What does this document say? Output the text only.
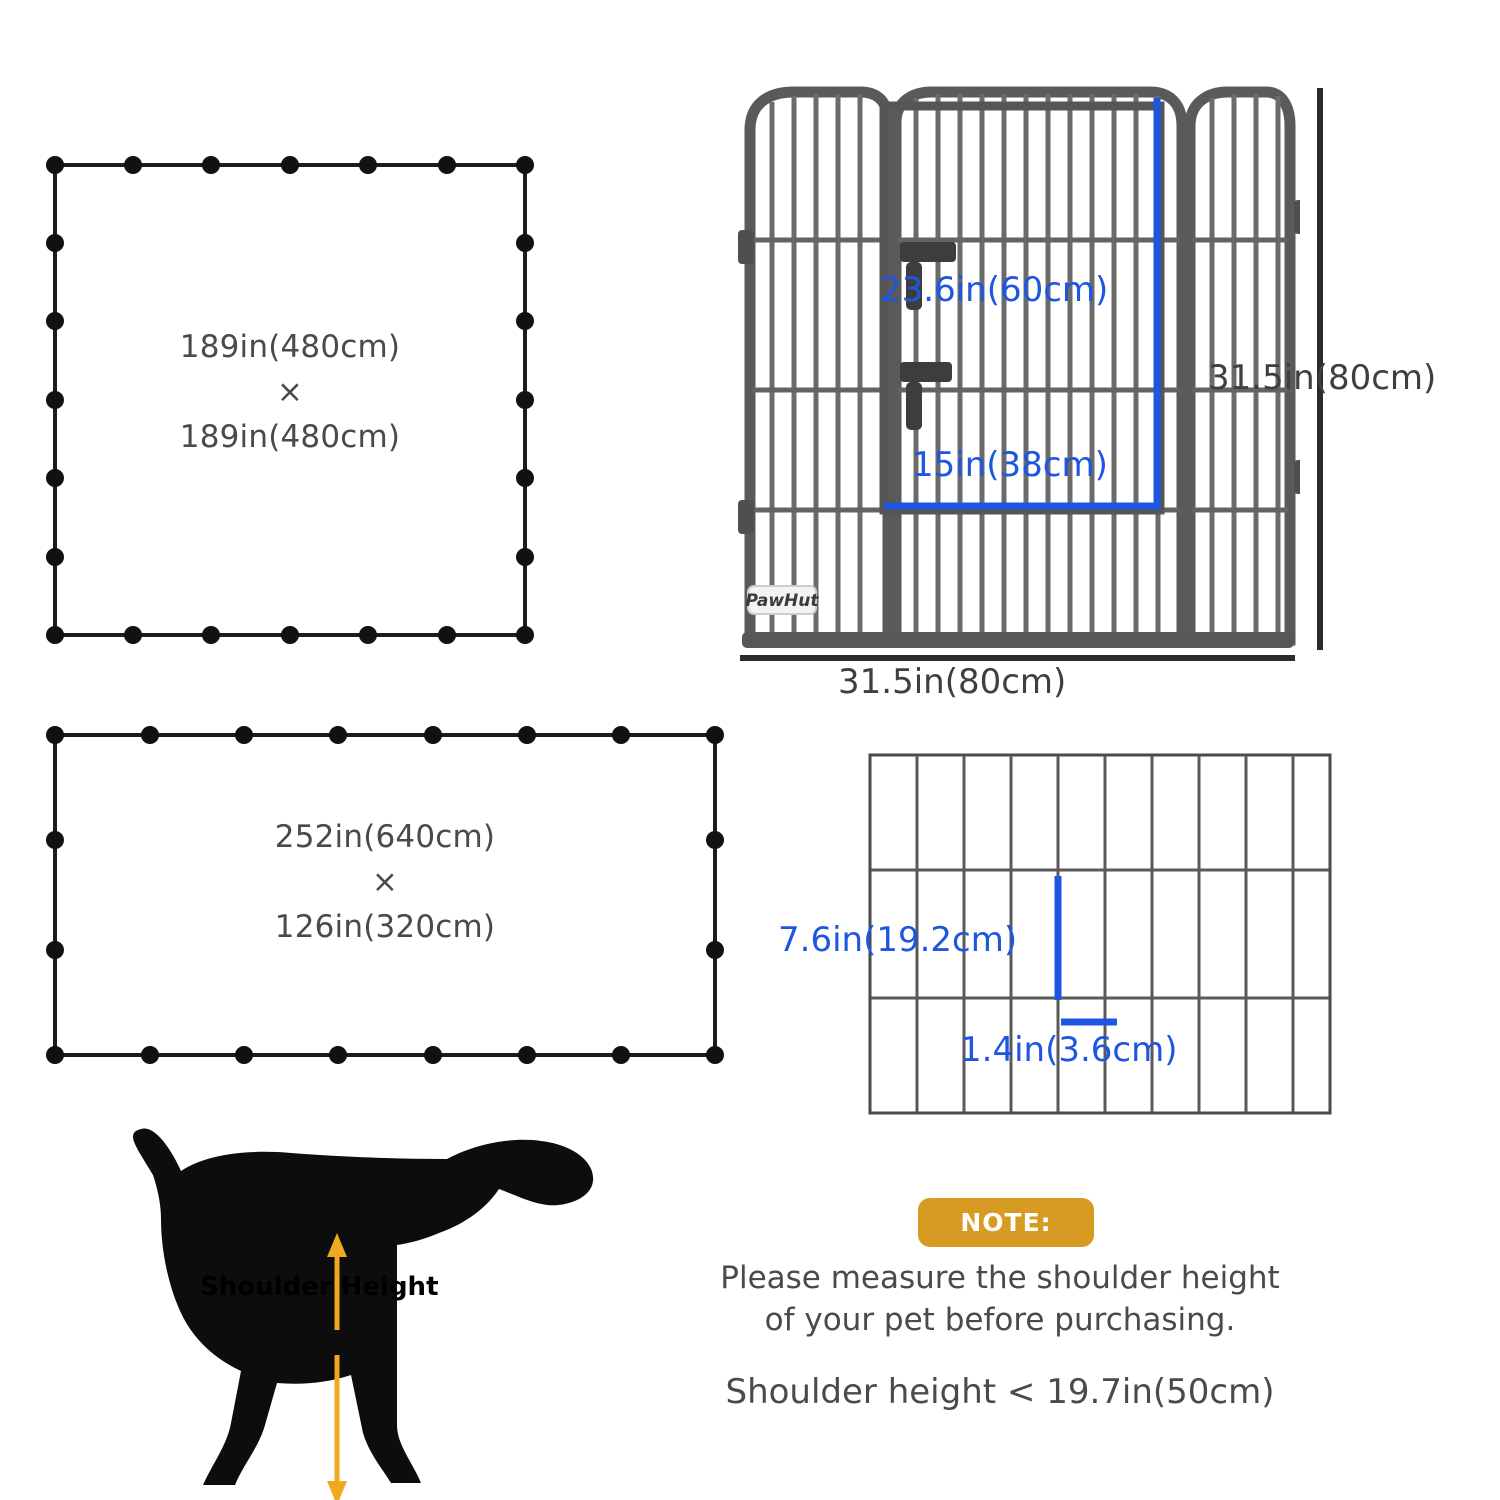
189in(480cm)
×
189in(480cm)
252in(640cm)
×
126in(320cm)
Shoulder Height
PawHut
23.6in(60cm)
15in(38cm)
31.5in(80cm)
31.5in(80cm)
7.6in(19.2cm)
1.4in(3.6cm)
NOTE:
Please measure the shoulder height
of your pet before purchasing.
Shoulder height < 19.7in(50cm)
